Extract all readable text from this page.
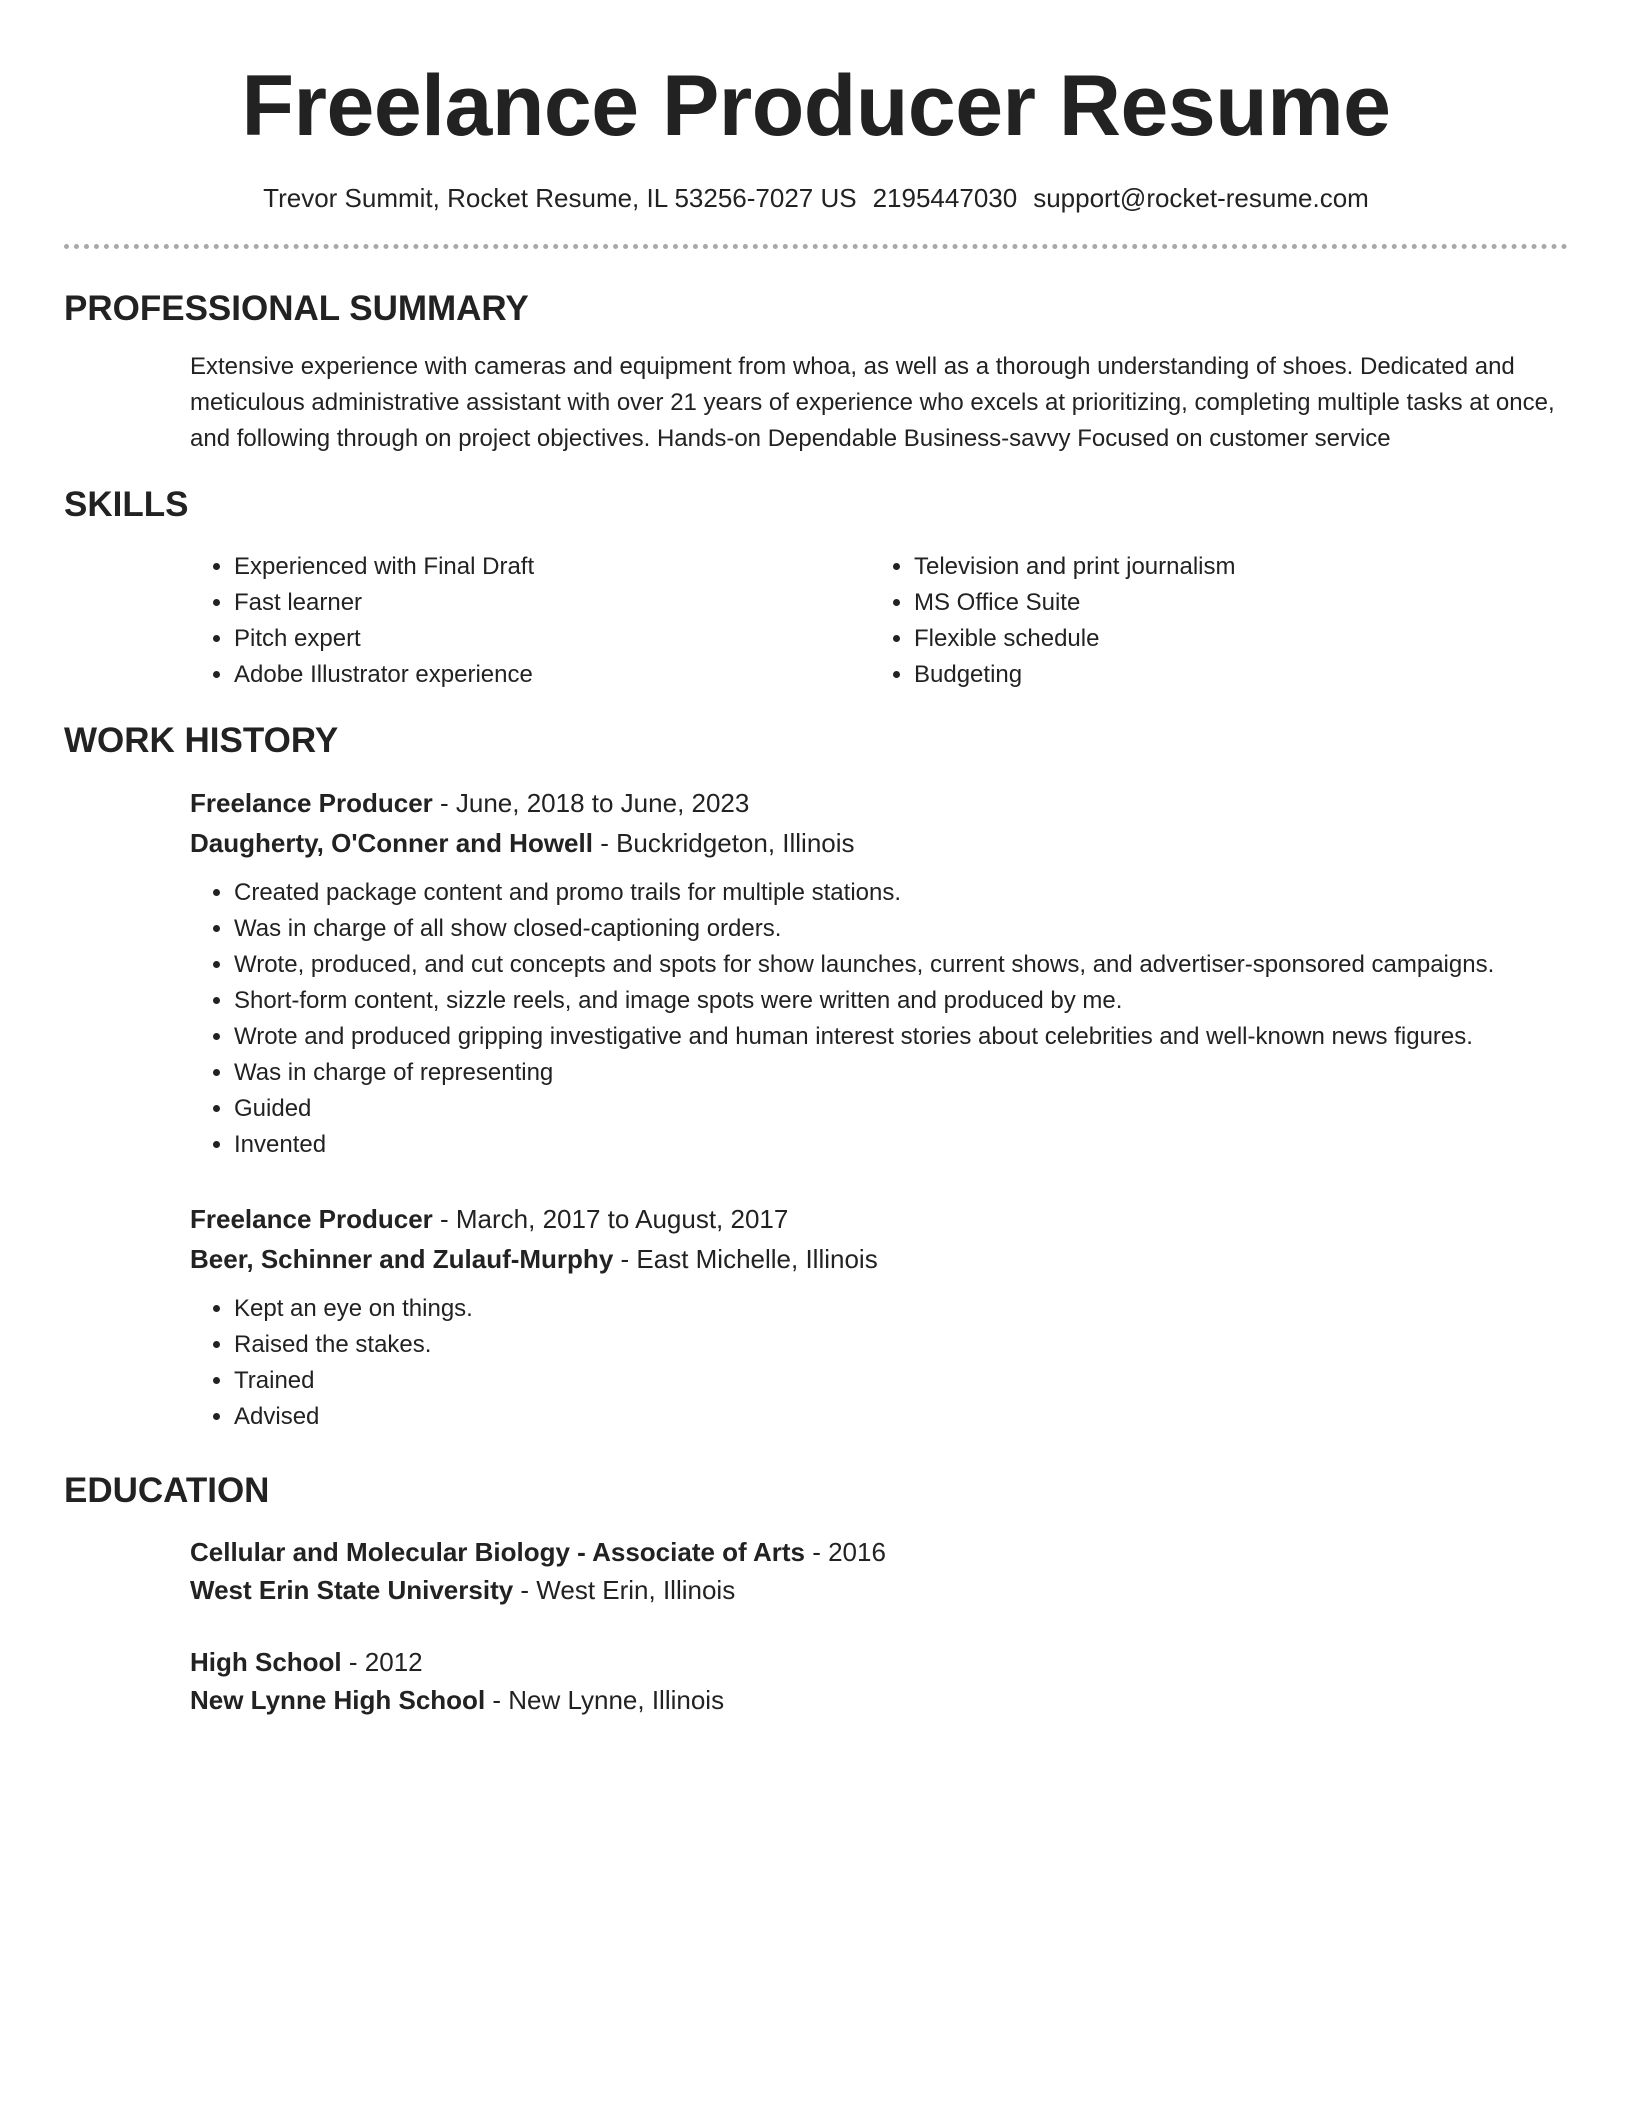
Freelance Producer Resume
Trevor Summit, Rocket Resume, IL 53256-7027 US 2195447030 support@rocket-resume.com
PROFESSIONAL SUMMARY

Extensive experience with cameras and equipment from whoa, as well as a thorough understanding of shoes. Dedicated and meticulous administrative assistant with over 21 years of experience who excels at prioritizing, completing multiple tasks at once, and following through on project objectives. Hands-on Dependable Business-savvy Focused on customer service

SKILLS
• Experienced with Final Draft
• Fast learner
• Pitch expert
• Adobe Illustrator experience
• Television and print journalism
• MS Office Suite
• Flexible schedule
• Budgeting
WORK HISTORY
Freelance Producer - June, 2018 to June, 2023
Daugherty, O'Conner and Howell - Buckridgeton, Illinois
• Created package content and promo trails for multiple stations.
• Was in charge of all show closed-captioning orders.
• Wrote, produced, and cut concepts and spots for show launches, current shows, and advertiser-sponsored campaigns.
• Short-form content, sizzle reels, and image spots were written and produced by me.
• Wrote and produced gripping investigative and human interest stories about celebrities and well-known news figures.
• Was in charge of representing
• Guided
• Invented
Freelance Producer - March, 2017 to August, 2017
Beer, Schinner and Zulauf-Murphy - East Michelle, Illinois
• Kept an eye on things.
• Raised the stakes.
• Trained
• Advised
EDUCATION
Cellular and Molecular Biology - Associate of Arts - 2016
West Erin State University - West Erin, Illinois
High School - 2012
New Lynne High School - New Lynne, Illinois
